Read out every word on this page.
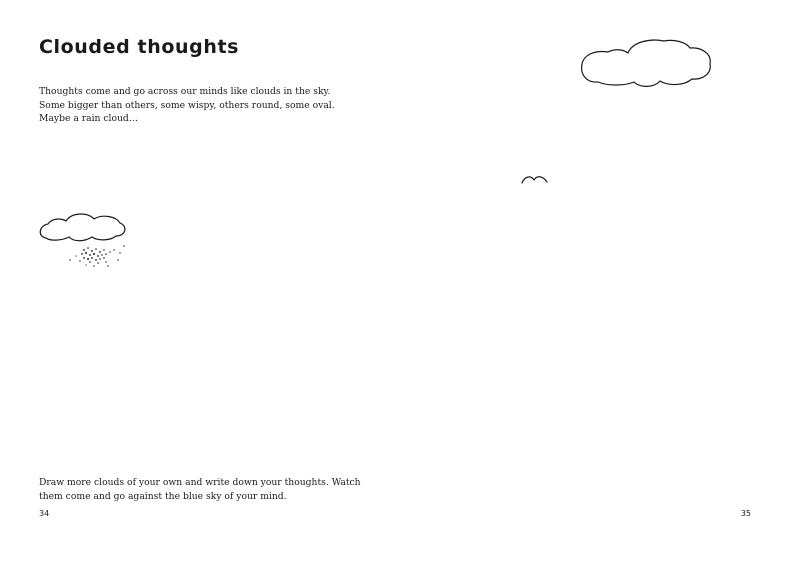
Clouded thoughts

Thoughts come and go across our minds like clouds in the sky. Some bigger than others, some wispy, others round, some oval. Maybe a rain cloud…

Draw more clouds of your own and write down your thoughts. Watch them come and go against the blue sky of your mind.

34	35
